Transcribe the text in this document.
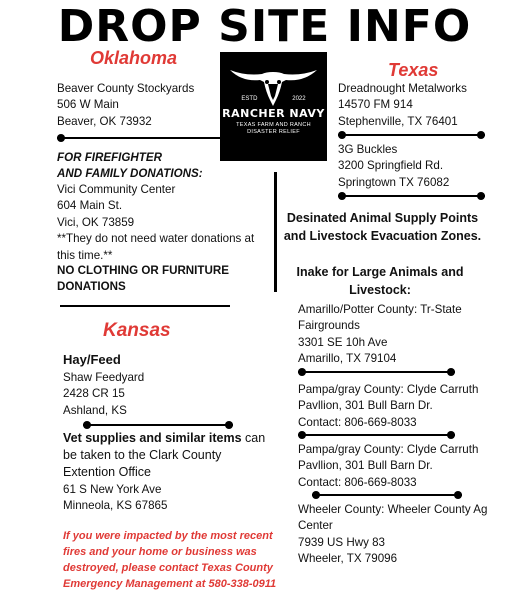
DROP SITE INFO
Oklahoma
Beaver County Stockyards
506 W Main
Beaver, OK 73932
FOR FIREFIGHTER
AND FAMILY DONATIONS:
Vici Community Center
604 Main St.
Vici, OK 73859
**They do not need water donations at
this time.**
NO CLOTHING OR FURNITURE
DONATIONS
ESTD	2022
RANCHER NAVY
TEXAS FARM AND RANCH
DISASTER RELIEF
Texas
Dreadnought Metalworks
14570 FM 914
Stephenville, TX 76401
3G Buckles
3200 Springfield Rd.
Springtown TX 76082
Desinated Animal Supply Points
and Livestock Evacuation Zones.
Inake for Large Animals and
Livestock:
Amarillo/Potter County: Tr-State
Fairgrounds
3301 SE 10h Ave
Amarillo, TX 79104
Pampa/gray County: Clyde Carruth
Pavllion, 301 Bull Barn Dr.
Contact: 806-669-8033
Pampa/gray County: Clyde Carruth
Pavllion, 301 Bull Barn Dr.
Contact: 806-669-8033
Wheeler County: Wheeler County Ag
Center
7939 US Hwy 83
Wheeler, TX 79096
Kansas
Hay/Feed
Shaw Feedyard
2428 CR 15
Ashland, KS
Vet supplies and similar items can
be taken to the Clark County
Extention Office
61 S New York Ave
Minneola, KS 67865
If you were impacted by the most recent
fires and your home or business was
destroyed, please contact Texas County
Emergency Management at 580-338-0911
